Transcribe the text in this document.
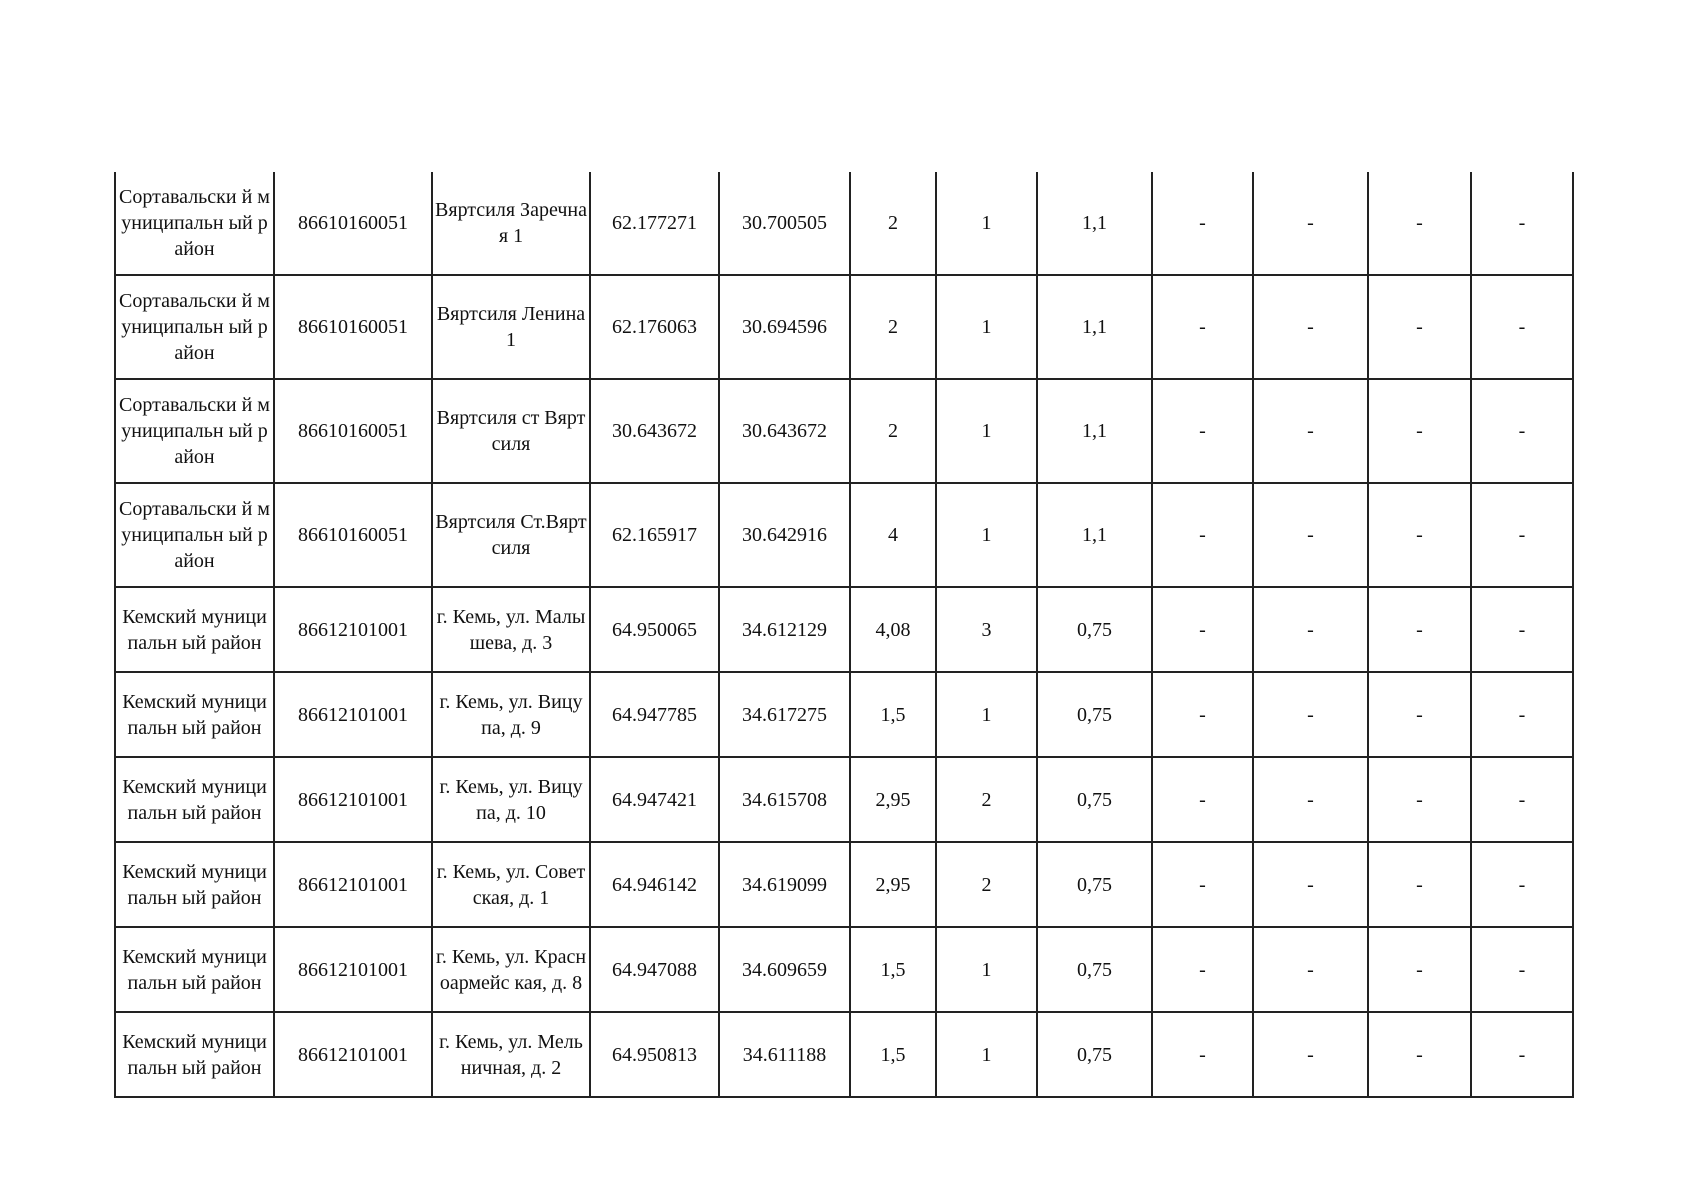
Сортавальски й муниципальн ый район	86610160051	Вяртсиля Заречная 1	62.177271	30.700505	2	1	1,1	-	-	-	-
Сортавальски й муниципальн ый район	86610160051	Вяртсиля Ленина 1	62.176063	30.694596	2	1	1,1	-	-	-	-
Сортавальски й муниципальн ый район	86610160051	Вяртсиля ст Вяртсиля	30.643672	30.643672	2	1	1,1	-	-	-	-
Сортавальски й муниципальн ый район	86610160051	Вяртсиля Ст.Вяртсиля	62.165917	30.642916	4	1	1,1	-	-	-	-
Кемский муниципальн ый район	86612101001	г. Кемь, ул. Малышева, д. 3	64.950065	34.612129	4,08	3	0,75	-	-	-	-
Кемский муниципальн ый район	86612101001	г. Кемь, ул. Вицупа, д. 9	64.947785	34.617275	1,5	1	0,75	-	-	-	-
Кемский муниципальн ый район	86612101001	г. Кемь, ул. Вицупа, д. 10	64.947421	34.615708	2,95	2	0,75	-	-	-	-
Кемский муниципальн ый район	86612101001	г. Кемь, ул. Советская, д. 1	64.946142	34.619099	2,95	2	0,75	-	-	-	-
Кемский муниципальн ый район	86612101001	г. Кемь, ул. Красноармейс кая, д. 8	64.947088	34.609659	1,5	1	0,75	-	-	-	-
Кемский муниципальн ый район	86612101001	г. Кемь, ул. Мельничная, д. 2	64.950813	34.611188	1,5	1	0,75	-	-	-	-
